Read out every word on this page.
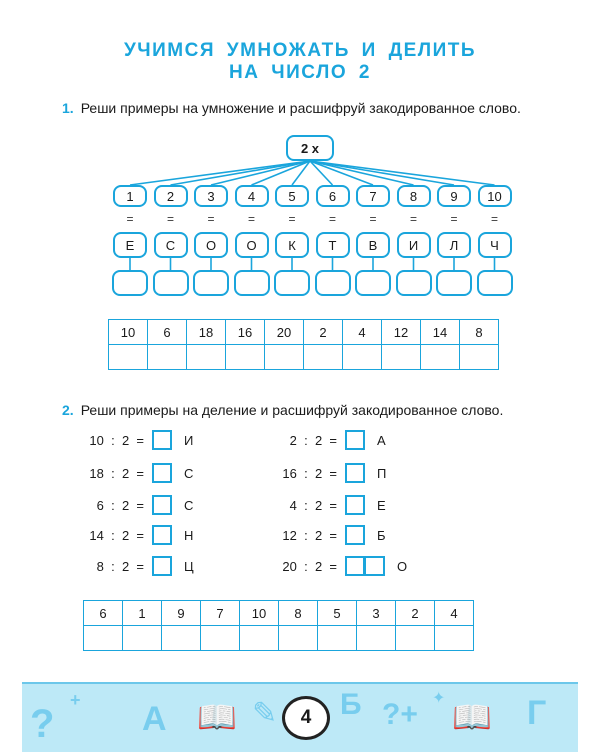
УЧИМСЯ УМНОЖАТЬ И ДЕЛИТЬ
НА ЧИСЛО 2
1. Реши примеры на умножение и расшифруй закодированное слово.
2 x
1
=
Е
2
=
С
3
=
О
4
=
О
5
=
К
6
=
Т
7
=
В
8
=
И
9
=
Л
10
=
Ч
10	6	18	16	20	2	4	12	14	8

2. Реши примеры на деление и расшифруй закодированное слово.
10  :  2  =	И
18  :  2  =	С
6  :  2  =	С
14  :  2  =	Н
8  :  2  =	Ц
2  :  2  =	А
16  :  2  =	П
4  :  2  =	Е
12  :  2  =	Б
20  :  2  =	О
6	1	9	7	10	8	5	3	2	4

?
+ A 📖 ✎ Б ?+ ✦
📖 Г
4
